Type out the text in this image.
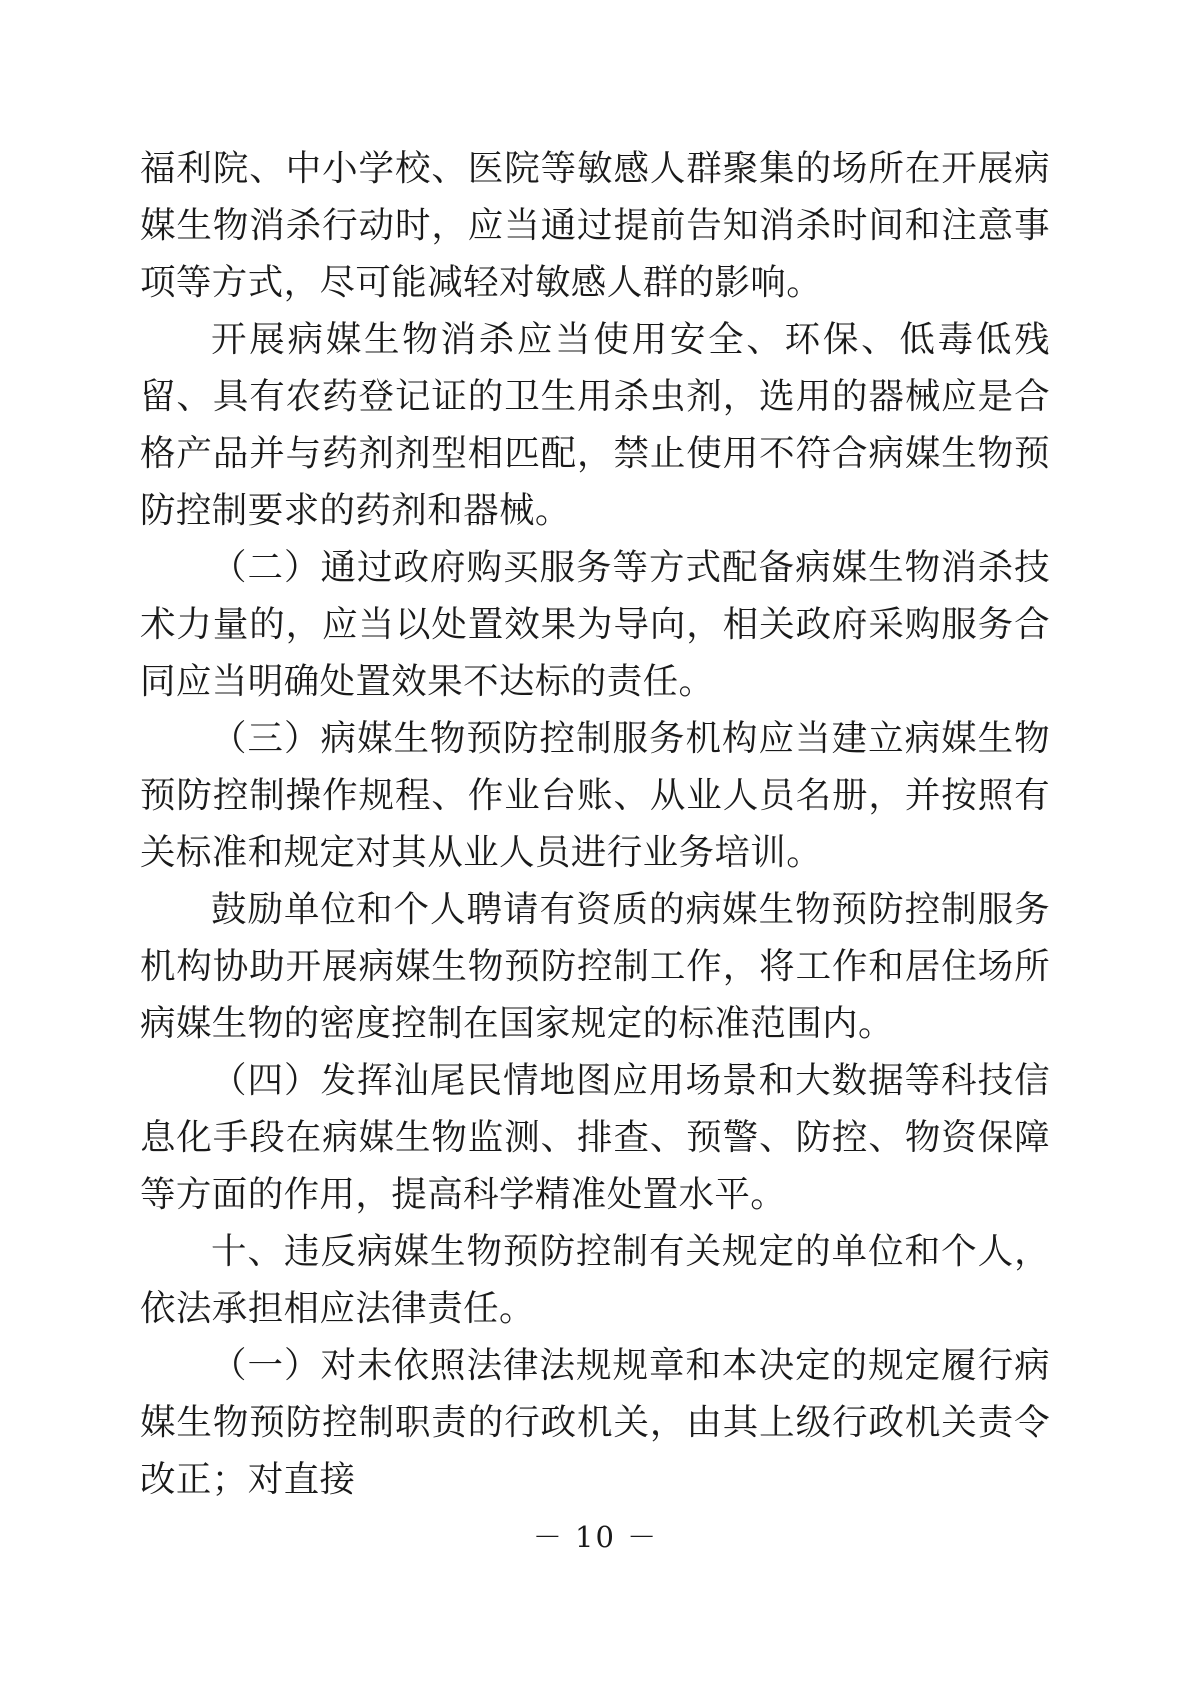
福利院、中小学校、医院等敏感人群聚集的场所在开展病媒生物消杀行动时，应当通过提前告知消杀时间和注意事项等方式，尽可能减轻对敏感人群的影响。

开展病媒生物消杀应当使用安全、环保、低毒低残留、具有农药登记证的卫生用杀虫剂，选用的器械应是合格产品并与药剂剂型相匹配，禁止使用不符合病媒生物预防控制要求的药剂和器械。

（二）通过政府购买服务等方式配备病媒生物消杀技术力量的，应当以处置效果为导向，相关政府采购服务合同应当明确处置效果不达标的责任。

（三）病媒生物预防控制服务机构应当建立病媒生物预防控制操作规程、作业台账、从业人员名册，并按照有关标准和规定对其从业人员进行业务培训。

鼓励单位和个人聘请有资质的病媒生物预防控制服务机构协助开展病媒生物预防控制工作，将工作和居住场所病媒生物的密度控制在国家规定的标准范围内。

（四）发挥汕尾民情地图应用场景和大数据等科技信息化手段在病媒生物监测、排查、预警、防控、物资保障等方面的作用，提高科学精准处置水平。

十、违反病媒生物预防控制有关规定的单位和个人，依法承担相应法律责任。

（一）对未依照法律法规规章和本决定的规定履行病媒生物预防控制职责的行政机关，由其上级行政机关责令改正；对直接

－ 10 －
